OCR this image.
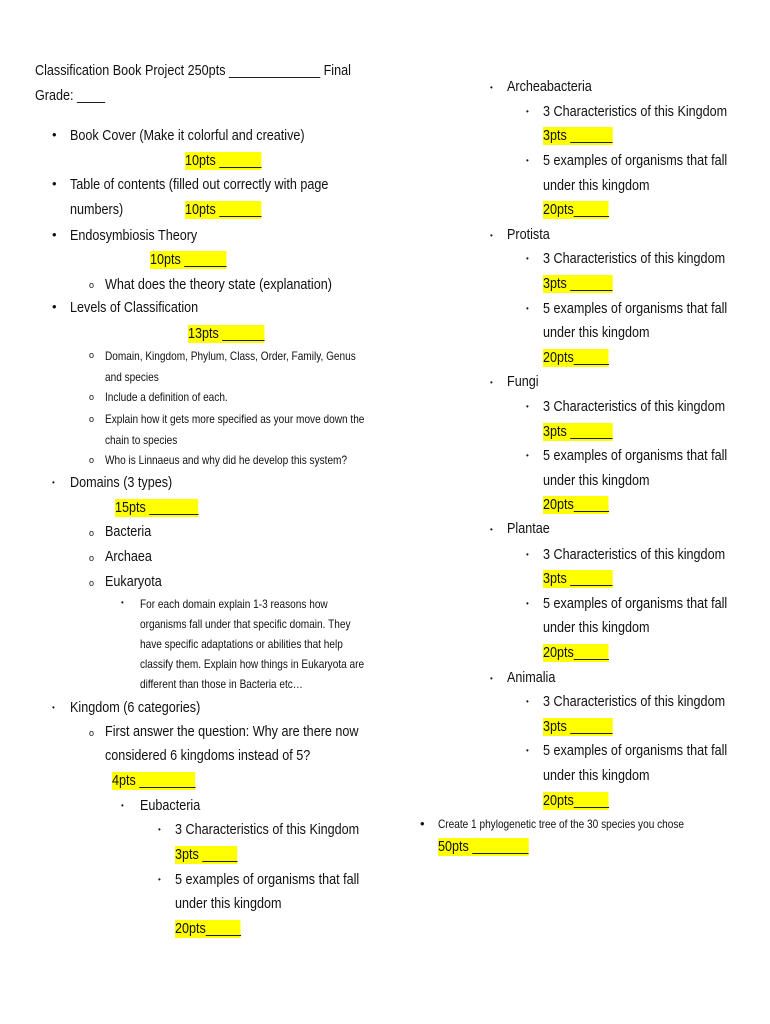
Classification Book Project 250pts _____________ Final
Grade: ____
• Book Cover (Make it colorful and creative)
10pts ______
• Table of contents (filled out correctly with page
numbers)	10pts ______
• Endosymbiosis Theory
10pts ______
o What does the theory state (explanation)
• Levels of Classification
13pts ______
o Domain, Kingdom, Phylum, Class, Order, Family, Genus
and species
o Include a definition of each.
o Explain how it gets more specified as your move down the
chain to species
o Who is Linnaeus and why did he develop this system?
• Domains (3 types)
15pts _______
o Bacteria
o Archaea
o Eukaryota
• For each domain explain 1-3 reasons how
organisms fall under that specific domain. They
have specific adaptations or abilities that help
classify them. Explain how things in Eukaryota are
different than those in Bacteria etc…
• Kingdom (6 categories)
o First answer the question: Why are there now
considered 6 kingdoms instead of 5?
4pts ________
• Eubacteria
• 3 Characteristics of this Kingdom
3pts _____
• 5 examples of organisms that fall
under this kingdom
20pts_____
• Archeabacteria
• 3 Characteristics of this Kingdom
3pts ______
• 5 examples of organisms that fall
under this kingdom
20pts_____
• Protista
• 3 Characteristics of this kingdom
3pts ______
• 5 examples of organisms that fall
under this kingdom
20pts_____
• Fungi
• 3 Characteristics of this kingdom
3pts ______
• 5 examples of organisms that fall
under this kingdom
20pts_____
• Plantae
• 3 Characteristics of this kingdom
3pts ______
• 5 examples of organisms that fall
under this kingdom
20pts_____
• Animalia
• 3 Characteristics of this kingdom
3pts ______
• 5 examples of organisms that fall
under this kingdom
20pts_____
• Create 1 phylogenetic tree of the 30 species you chose
50pts ________
